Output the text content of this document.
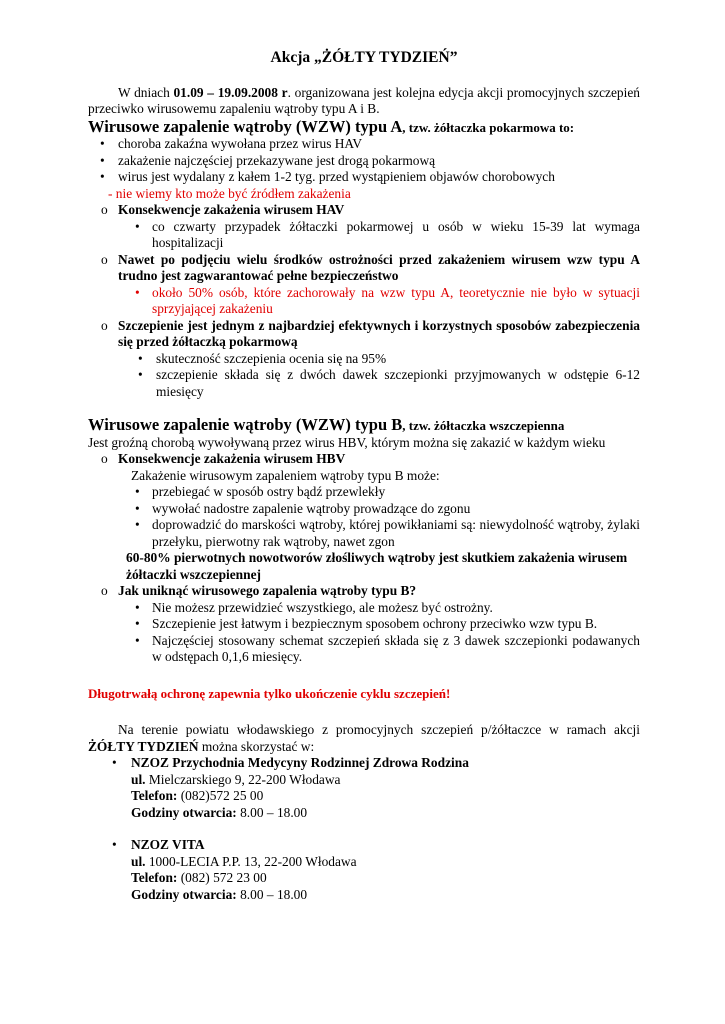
Akcja „ŻÓŁTY TYDZIEŃ”

W dniach 01.09 – 19.09.2008 r. organizowana jest kolejna edycja akcji promocyjnych szczepień przeciwko wirusowemu zapaleniu wątroby typu A i B.

Wirusowe zapalenie wątroby (WZW) typu A, tzw. żółtaczka pokarmowa to:
• choroba zakaźna wywołana przez wirus HAV
• zakażenie najczęściej przekazywane jest drogą pokarmową
• wirus jest wydalany z kałem 1-2 tyg. przed wystąpieniem objawów chorobowych
- nie wiemy kto może być źródłem zakażenia
o Konsekwencje zakażenia wirusem HAV
• co czwarty przypadek żółtaczki pokarmowej u osób w wieku 15-39 lat wymaga hospitalizacji
o Nawet po podjęciu wielu środków ostrożności przed zakażeniem wirusem wzw typu A trudno jest zagwarantować pełne bezpieczeństwo
• około 50% osób, które zachorowały na wzw typu A, teoretycznie nie było w sytuacji sprzyjającej zakażeniu
o Szczepienie jest jednym z najbardziej efektywnych i korzystnych sposobów zabezpieczenia się przed żółtaczką pokarmową
• skuteczność szczepienia ocenia się na 95%
• szczepienie składa się z dwóch dawek szczepionki przyjmowanych w odstępie 6-12 miesięcy
Wirusowe zapalenie wątroby (WZW) typu B, tzw. żółtaczka wszczepienna

Jest groźną chorobą wywoływaną przez wirus HBV, którym można się zakazić w każdym wieku

o Konsekwencje zakażenia wirusem HBV
Zakażenie wirusowym zapaleniem wątroby typu B może:
• przebiegać w sposób ostry bądź przewlekły
• wywołać nadostre zapalenie wątroby prowadzące do zgonu
• doprowadzić do marskości wątroby, której powikłaniami są: niewydolność wątroby, żylaki przełyku, pierwotny rak wątroby, nawet zgon
60-80% pierwotnych nowotworów złośliwych wątroby jest skutkiem zakażenia wirusem żółtaczki wszczepiennej
o Jak uniknąć wirusowego zapalenia wątroby typu B?
• Nie możesz przewidzieć wszystkiego, ale możesz być ostrożny.
• Szczepienie jest łatwym i bezpiecznym sposobem ochrony przeciwko wzw typu B.
• Najczęściej stosowany schemat szczepień składa się z 3 dawek szczepionki podawanych w odstępach 0,1,6 miesięcy.

Długotrwałą ochronę zapewnia tylko ukończenie cyklu szczepień!

Na terenie powiatu włodawskiego z promocyjnych szczepień p/żółtaczce w ramach akcji ŻÓŁTY TYDZIEŃ można skorzystać w:

• NZOZ Przychodnia Medycyny Rodzinnej Zdrowa Rodzina
ul. Mielczarskiego 9, 22-200 Włodawa
Telefon: (082)572 25 00
Godziny otwarcia: 8.00 – 18.00
• NZOZ VITA
ul. 1000-LECIA P.P. 13, 22-200 Włodawa
Telefon: (082) 572 23 00
Godziny otwarcia: 8.00 – 18.00
